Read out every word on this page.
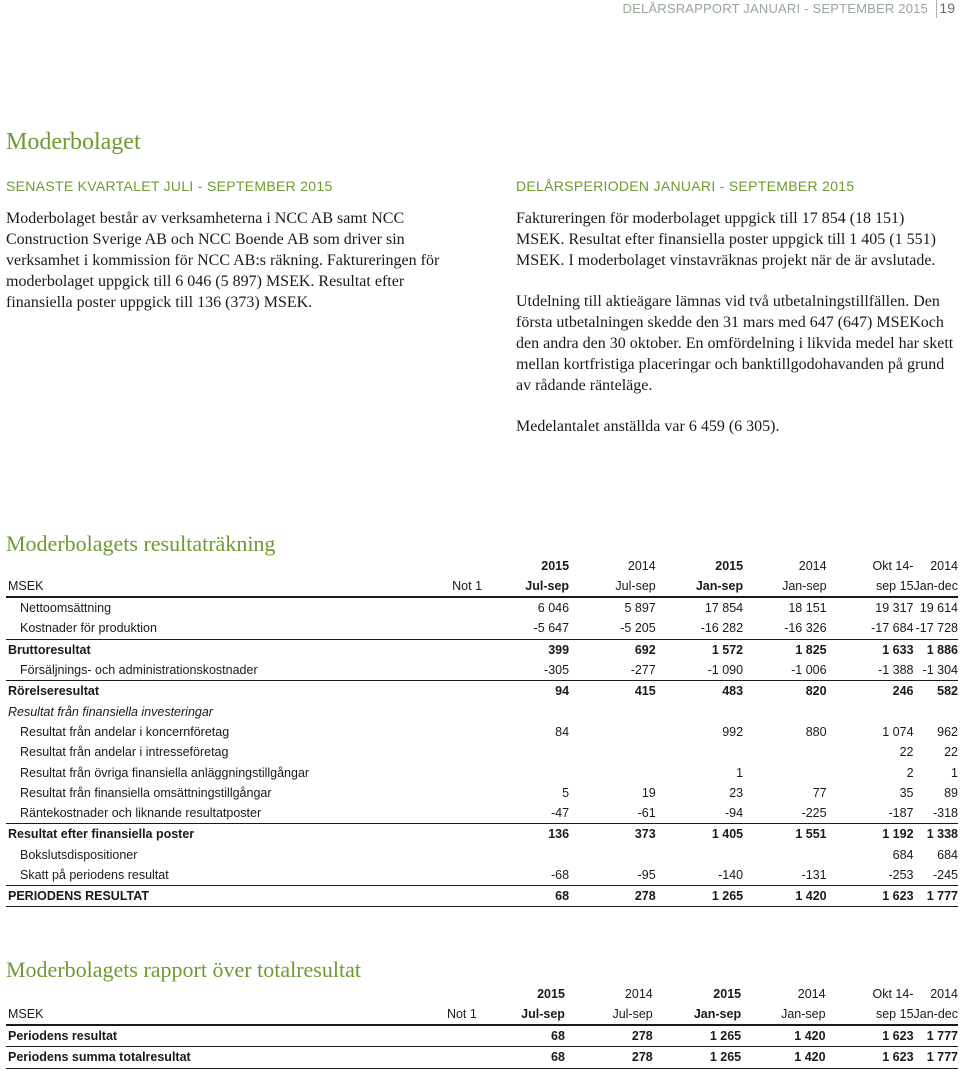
DELÅRSRAPPORT JANUARI - SEPTEMBER 2015 19
Moderbolaget
SENASTE KVARTALET JULI - SEPTEMBER 2015

Moderbolaget består av verksamheterna i NCC AB samt NCC Construction Sverige AB och NCC Boende AB som driver sin verksamhet i kommission för NCC AB:s räkning. Faktureringen för moderbolaget uppgick till 6 046 (5 897) MSEK. Resultat efter finansiella poster uppgick till 136 (373) MSEK.

DELÅRSPERIODEN JANUARI - SEPTEMBER 2015

Faktureringen för moderbolaget uppgick till 17 854 (18 151) MSEK. Resultat efter finansiella poster uppgick till 1 405 (1 551) MSEK. I moderbolaget vinstavräknas projekt när de är avslutade.

Utdelning till aktieägare lämnas vid två utbetalningstillfällen. Den första utbetalningen skedde den 31 mars med 647 (647) MSEKoch den andra den 30 oktober. En omfördelning i likvida medel har skett mellan kortfristiga placeringar och banktillgodohavanden på grund av rådande ränteläge.

Medelantalet anställda var 6 459 (6 305).

Moderbolagets resultaträkning
		2015	2014	2015	2014	Okt 14-	2014
MSEK	Not 1	Jul-sep	Jul-sep	Jan-sep	Jan-sep	sep 15	Jan-dec
Nettoomsättning		6 046	5 897	17 854	18 151	19 317	19 614
Kostnader för produktion		-5 647	-5 205	-16 282	-16 326	-17 684	-17 728
Bruttoresultat		399	692	1 572	1 825	1 633	1 886
Försäljnings- och administrationskostnader		-305	-277	-1 090	-1 006	-1 388	-1 304
Rörelseresultat		94	415	483	820	246	582
Resultat från finansiella investeringar							
Resultat från andelar i koncernföretag		84		992	880	1 074	962
Resultat från andelar i intresseföretag						22	22
Resultat från övriga finansiella anläggningstillgångar				1		2	1
Resultat från finansiella omsättningstillgångar		5	19	23	77	35	89
Räntekostnader och liknande resultatposter		-47	-61	-94	-225	-187	-318
Resultat efter finansiella poster		136	373	1 405	1 551	1 192	1 338
Bokslutsdispositioner						684	684
Skatt på periodens resultat		-68	-95	-140	-131	-253	-245
PERIODENS RESULTAT		68	278	1 265	1 420	1 623	1 777
Moderbolagets rapport över totalresultat
		2015	2014	2015	2014	Okt 14-	2014
MSEK	Not 1	Jul-sep	Jul-sep	Jan-sep	Jan-sep	sep 15	Jan-dec
Periodens resultat		68	278	1 265	1 420	1 623	1 777
Periodens summa totalresultat		68	278	1 265	1 420	1 623	1 777
